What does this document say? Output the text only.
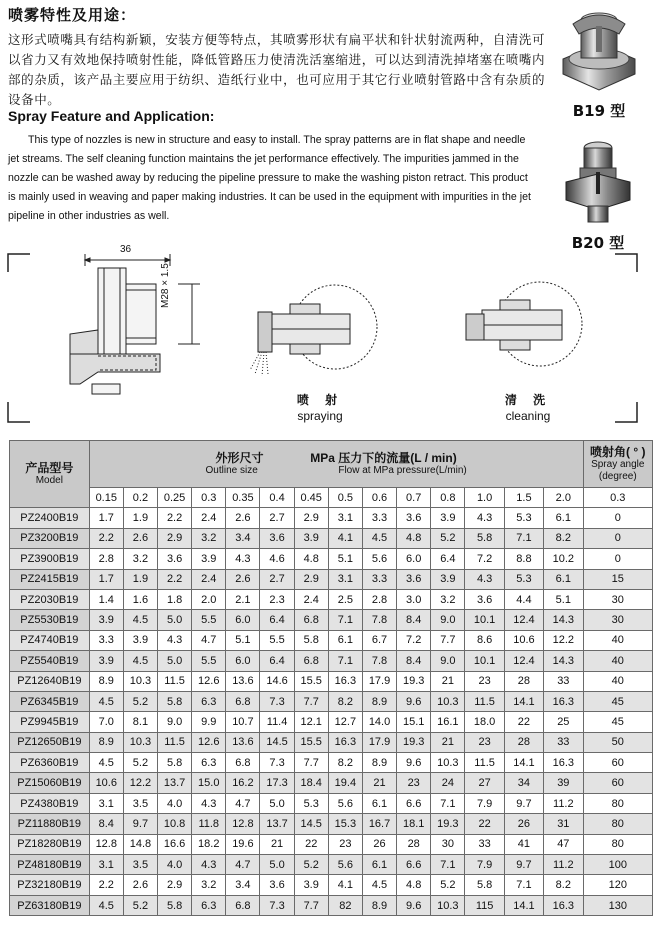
喷雾特性及用途：
这形式喷嘴具有结构新颖，安装方便等特点，其喷雾形状有扁平状和针状射流两种，自清洗可以省力又有效地保持喷射性能，降低管路压力使清洗活塞缩进，可以达到清洗掉堵塞在喷嘴内部的杂质，该产品主要应用于纺织、造纸行业中，也可应用于其它行业喷射管路中含有杂质的设备中。
Spray Feature and Application:
This type of nozzles is new in structure and easy to install. The spray patterns are in flat shape and needle jet streams. The self cleaning function maintains the jet performance effectively. The impurities jammed in the nozzle can be washed away by reducing the pipeline pressure to make the washing piston retract. This product is mainly used in weaving and paper making industries. It can be used in the equipment with impurities in the jet pipeline in other industries as well.
B19 型
B20 型
36
M28 × 1.5
喷 射
spraying
清 洗
cleaning
产品型号
Model	外形尺寸 MPa 压力下的流量(L / min)
Outline size Flow at MPa pressure(L/min)														喷射角( ° )
Spray angle (degree)

	0.15	0.2	0.25	0.3	0.35	0.4	0.45	0.5	0.6	0.7	0.8	1.0	1.5	2.0	0.3
PZ2400B19	1.7	1.9	2.2	2.4	2.6	2.7	2.9	3.1	3.3	3.6	3.9	4.3	5.3	6.1	0
PZ3200B19	2.2	2.6	2.9	3.2	3.4	3.6	3.9	4.1	4.5	4.8	5.2	5.8	7.1	8.2	0
PZ3900B19	2.8	3.2	3.6	3.9	4.3	4.6	4.8	5.1	5.6	6.0	6.4	7.2	8.8	10.2	0
PZ2415B19	1.7	1.9	2.2	2.4	2.6	2.7	2.9	3.1	3.3	3.6	3.9	4.3	5.3	6.1	15
PZ2030B19	1.4	1.6	1.8	2.0	2.1	2.3	2.4	2.5	2.8	3.0	3.2	3.6	4.4	5.1	30
PZ5530B19	3.9	4.5	5.0	5.5	6.0	6.4	6.8	7.1	7.8	8.4	9.0	10.1	12.4	14.3	30
PZ4740B19	3.3	3.9	4.3	4.7	5.1	5.5	5.8	6.1	6.7	7.2	7.7	8.6	10.6	12.2	40
PZ5540B19	3.9	4.5	5.0	5.5	6.0	6.4	6.8	7.1	7.8	8.4	9.0	10.1	12.4	14.3	40
PZ12640B19	8.9	10.3	11.5	12.6	13.6	14.6	15.5	16.3	17.9	19.3	21	23	28	33	40
PZ6345B19	4.5	5.2	5.8	6.3	6.8	7.3	7.7	8.2	8.9	9.6	10.3	11.5	14.1	16.3	45
PZ9945B19	7.0	8.1	9.0	9.9	10.7	11.4	12.1	12.7	14.0	15.1	16.1	18.0	22	25	45
PZ12650B19	8.9	10.3	11.5	12.6	13.6	14.5	15.5	16.3	17.9	19.3	21	23	28	33	50
PZ6360B19	4.5	5.2	5.8	6.3	6.8	7.3	7.7	8.2	8.9	9.6	10.3	11.5	14.1	16.3	60
PZ15060B19	10.6	12.2	13.7	15.0	16.2	17.3	18.4	19.4	21	23	24	27	34	39	60
PZ4380B19	3.1	3.5	4.0	4.3	4.7	5.0	5.3	5.6	6.1	6.6	7.1	7.9	9.7	11.2	80
PZ11880B19	8.4	9.7	10.8	11.8	12.8	13.7	14.5	15.3	16.7	18.1	19.3	22	26	31	80
PZ18280B19	12.8	14.8	16.6	18.2	19.6	21	22	23	26	28	30	33	41	47	80
PZ48180B19	3.1	3.5	4.0	4.3	4.7	5.0	5.2	5.6	6.1	6.6	7.1	7.9	9.7	11.2	100
PZ32180B19	2.2	2.6	2.9	3.2	3.4	3.6	3.9	4.1	4.5	4.8	5.2	5.8	7.1	8.2	120
PZ63180B19	4.5	5.2	5.8	6.3	6.8	7.3	7.7	82	8.9	9.6	10.3	115	14.1	16.3	130
